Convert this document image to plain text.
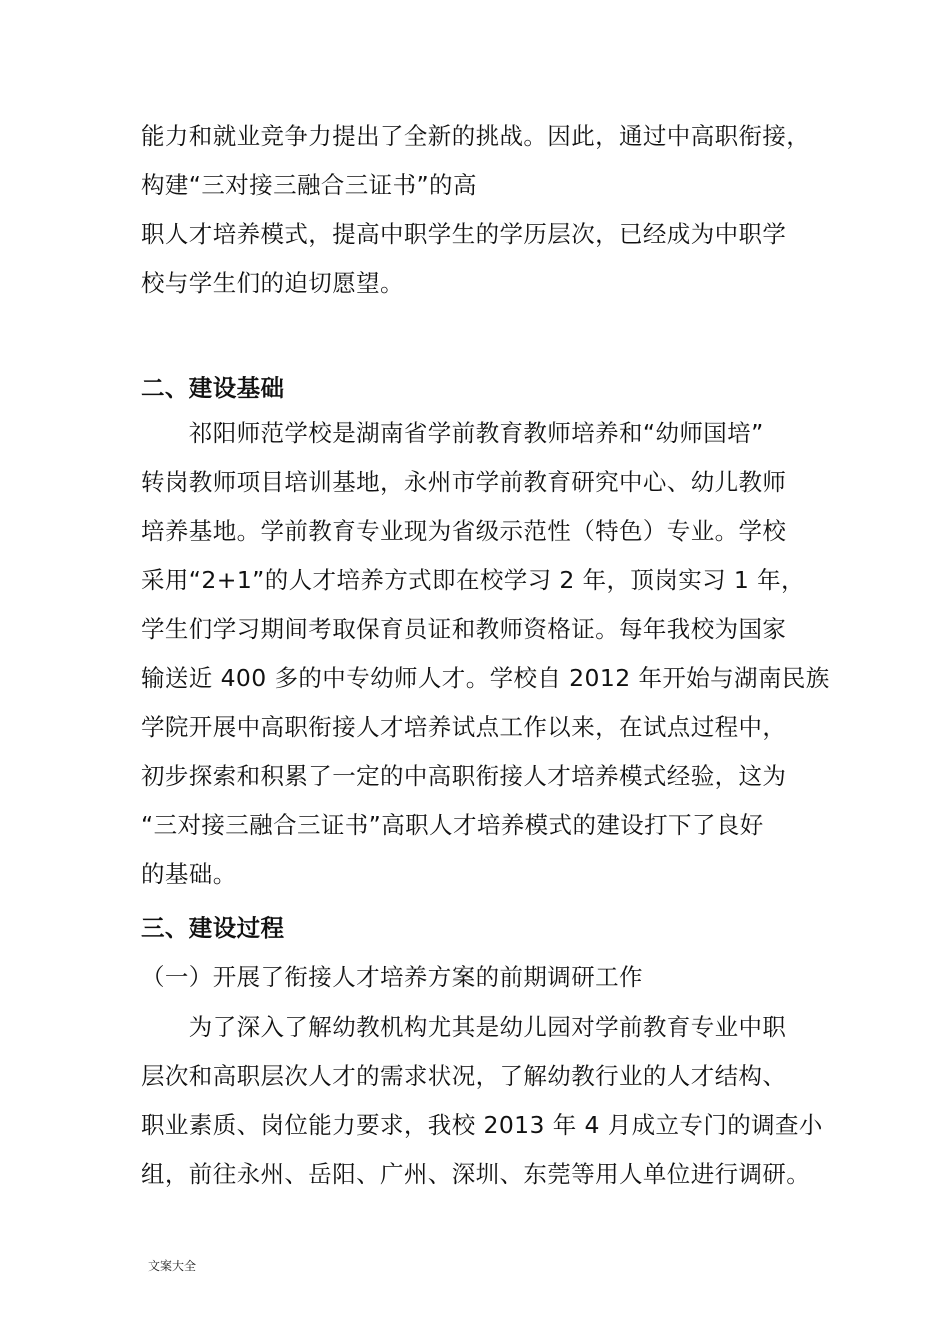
能力和就业竞争力提出了全新的挑战。因此，通过中高职衔接，
构建“三对接三融合三证书”的高
职人才培养模式，提高中职学生的学历层次，已经成为中职学
校与学生们的迫切愿望。
二、建设基础
　　祁阳师范学校是湖南省学前教育教师培养和“幼师国培”
转岗教师项目培训基地，永州市学前教育研究中心、幼儿教师
培养基地。学前教育专业现为省级示范性（特色）专业。学校
采用“2+1”的人才培养方式即在校学习 2 年，顶岗实习 1 年，
学生们学习期间考取保育员证和教师资格证。每年我校为国家
输送近 400 多的中专幼师人才。学校自 2012 年开始与湖南民族
学院开展中高职衔接人才培养试点工作以来，在试点过程中，
初步探索和积累了一定的中高职衔接人才培养模式经验，这为
“三对接三融合三证书”高职人才培养模式的建设打下了良好
的基础。
三、建设过程
（一）开展了衔接人才培养方案的前期调研工作
　　为了深入了解幼教机构尤其是幼儿园对学前教育专业中职
层次和高职层次人才的需求状况，了解幼教行业的人才结构、
职业素质、岗位能力要求，我校 2013 年 4 月成立专门的调查小
组，前往永州、岳阳、广州、深圳、东莞等用人单位进行调研。
文案大全
